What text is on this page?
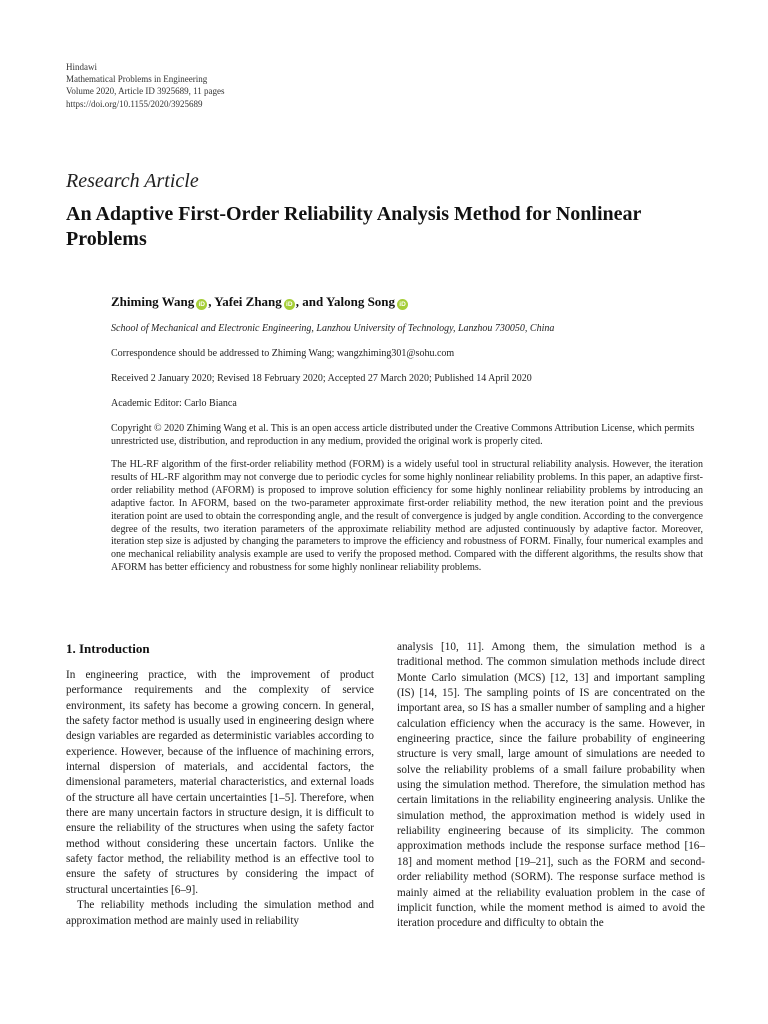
Hindawi
Mathematical Problems in Engineering
Volume 2020, Article ID 3925689, 11 pages
https://doi.org/10.1155/2020/3925689
Research Article
An Adaptive First-Order Reliability Analysis Method for Nonlinear Problems
Zhiming Wang iD , Yafei Zhang iD , and Yalong Song iD
School of Mechanical and Electronic Engineering, Lanzhou University of Technology, Lanzhou 730050, China
Correspondence should be addressed to Zhiming Wang; wangzhiming301@sohu.com
Received 2 January 2020; Revised 18 February 2020; Accepted 27 March 2020; Published 14 April 2020
Academic Editor: Carlo Bianca
Copyright © 2020 Zhiming Wang et al. This is an open access article distributed under the Creative Commons Attribution License, which permits unrestricted use, distribution, and reproduction in any medium, provided the original work is properly cited.

The HL-RF algorithm of the first-order reliability method (FORM) is a widely useful tool in structural reliability analysis. However, the iteration results of HL-RF algorithm may not converge due to periodic cycles for some highly nonlinear reliability problems. In this paper, an adaptive first-order reliability method (AFORM) is proposed to improve solution efficiency for some highly nonlinear reliability problems by introducing an adaptive factor. In AFORM, based on the two-parameter approximate first-order reliability method, the new iteration point and the previous iteration point are used to obtain the corresponding angle, and the result of convergence is judged by angle condition. According to the convergence degree of the results, two iteration parameters of the approximate reliability method are adjusted continuously by adaptive factor. Moreover, iteration step size is adjusted by changing the parameters to improve the efficiency and robustness of FORM. Finally, four numerical examples and one mechanical reliability analysis example are used to verify the proposed method. Compared with the different algorithms, the results show that AFORM has better efficiency and robustness for some highly nonlinear reliability problems.

1. Introduction

In engineering practice, with the improvement of product performance requirements and the complexity of service environment, its safety has become a growing concern. In general, the safety factor method is usually used in engineering design where design variables are regarded as deterministic variables according to experience. However, because of the influence of machining errors, internal dispersion of materials, and accidental factors, the dimensional parameters, material characteristics, and external loads of the structure all have certain uncertainties [1–5]. Therefore, when there are many uncertain factors in structure design, it is difficult to ensure the reliability of the structures when using the safety factor method without considering these uncertain factors. Unlike the safety factor method, the reliability method is an effective tool to ensure the safety of structures by considering the impact of structural uncertainties [6–9].

The reliability methods including the simulation method and approximation method are mainly used in reliability

analysis [10, 11]. Among them, the simulation method is a traditional method. The common simulation methods include direct Monte Carlo simulation (MCS) [12, 13] and important sampling (IS) [14, 15]. The sampling points of IS are concentrated on the important area, so IS has a smaller number of sampling and a higher calculation efficiency when the accuracy is the same. However, in engineering practice, since the failure probability of engineering structure is very small, large amount of simulations are needed to solve the reliability problems of a small failure probability when using the simulation method. Therefore, the simulation method has certain limitations in the reliability engineering analysis. Unlike the simulation method, the approximation method is widely used in reliability engineering because of its simplicity. The common approximation methods include the response surface method [16–18] and moment method [19–21], such as the FORM and second-order reliability method (SORM). The response surface method is mainly aimed at the reliability evaluation problem in the case of implicit function, while the moment method is aimed to avoid the iteration procedure and difficulty to obtain the
